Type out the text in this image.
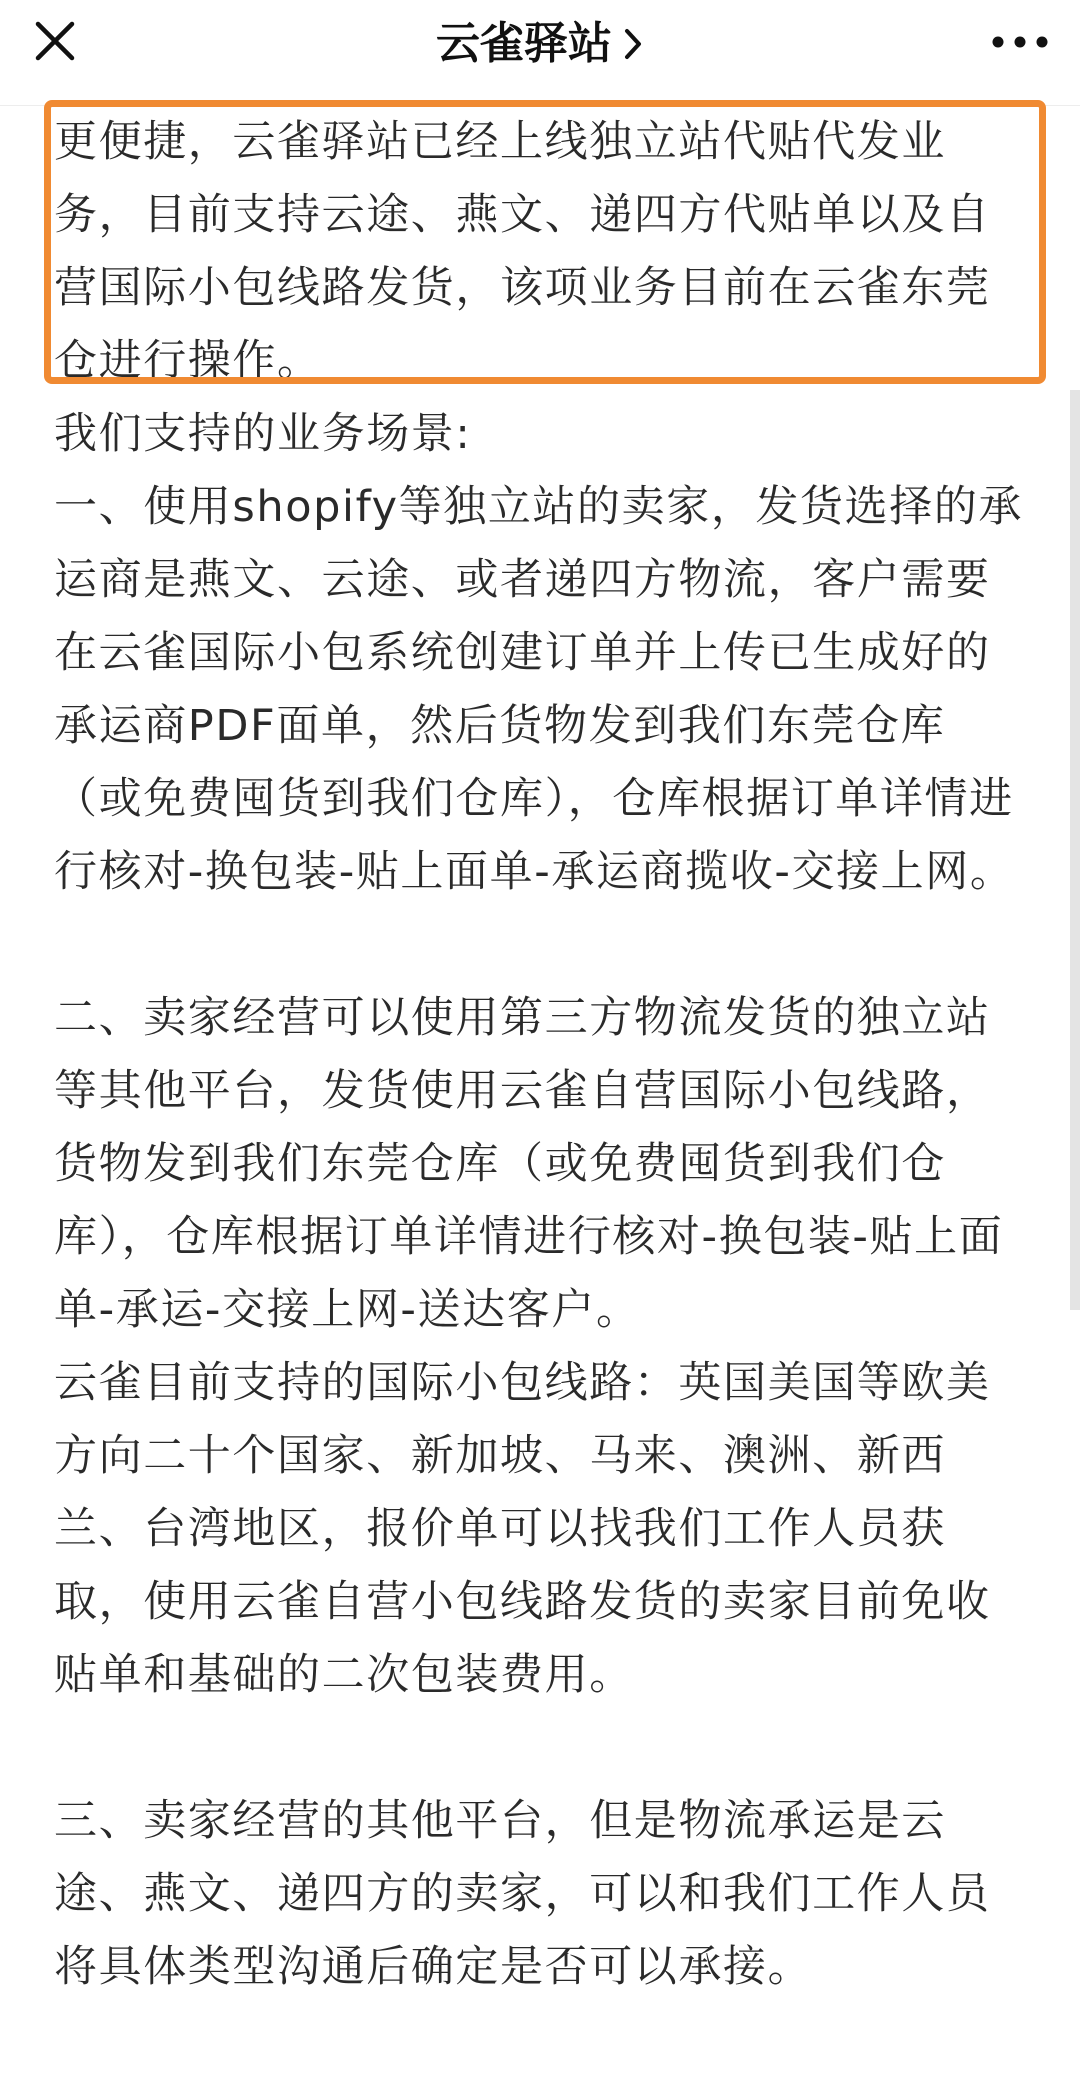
云雀驿站
更便捷，云雀驿站已经上线独立站代贴代发业务，目前支持云途、燕文、递四方代贴单以及自营国际小包线路发货，该项业务目前在云雀东莞仓进行操作。
我们支持的业务场景:
一、使用shopify等独立站的卖家，发货选择的承运商是燕文、云途、或者递四方物流，客户需要在云雀国际小包系统创建订单并上传已生成好的承运商PDF面单，然后货物发到我们东莞仓库（或免费囤货到我们仓库），仓库根据订单详情进行核对-换包装-贴上面单-承运商揽收-交接上网。
二、卖家经营可以使用第三方物流发货的独立站等其他平台，发货使用云雀自营国际小包线路，货物发到我们东莞仓库（或免费囤货到我们仓库），仓库根据订单详情进行核对-换包装-贴上面单-承运-交接上网-送达客户。
云雀目前支持的国际小包线路：英国美国等欧美方向二十个国家、新加坡、马来、澳洲、新西兰、台湾地区，报价单可以找我们工作人员获取，使用云雀自营小包线路发货的卖家目前免收贴单和基础的二次包装费用。
三、卖家经营的其他平台，但是物流承运是云途、燕文、递四方的卖家，可以和我们工作人员将具体类型沟通后确定是否可以承接。
